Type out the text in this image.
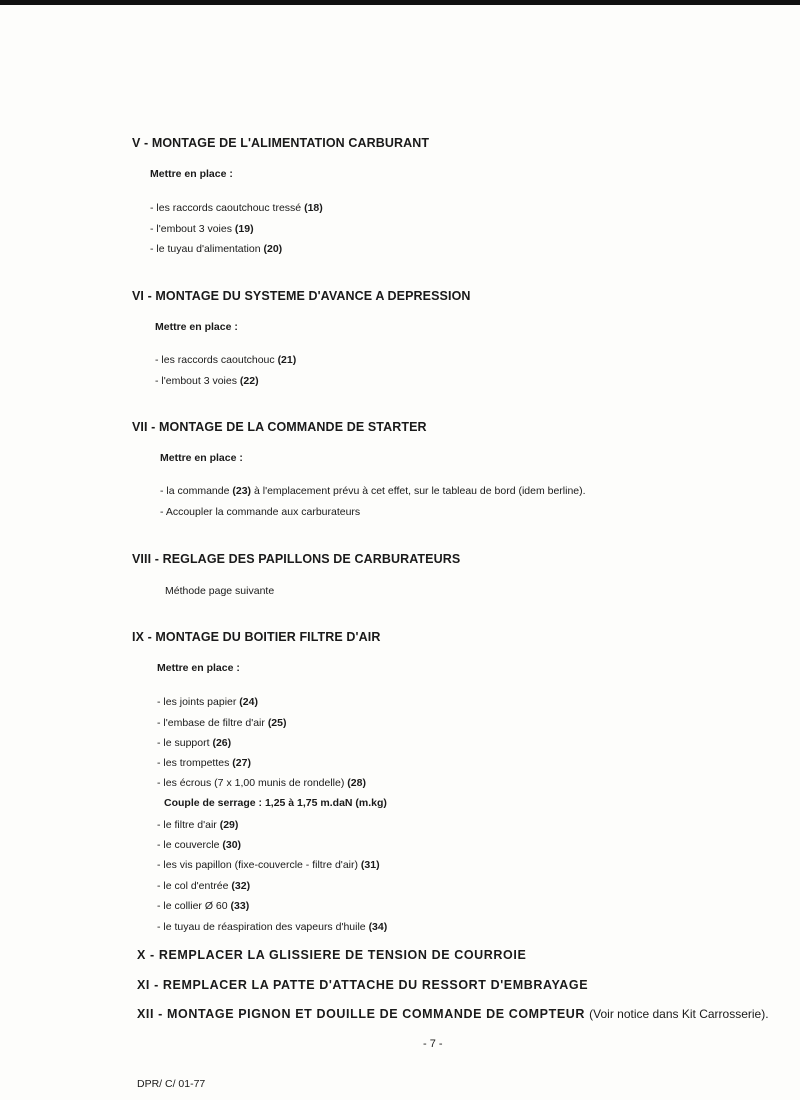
V - MONTAGE DE L'ALIMENTATION CARBURANT
Mettre en place :
- les raccords caoutchouc tressé (18)
- l'embout 3 voies (19)
- le tuyau d'alimentation (20)
VI - MONTAGE DU SYSTEME D'AVANCE A DEPRESSION
Mettre en place :
- les raccords caoutchouc (21)
- l'embout 3 voies (22)
VII - MONTAGE DE LA COMMANDE DE STARTER
Mettre en place :
- la commande (23) à l'emplacement prévu à cet effet, sur le tableau de bord (idem berline).
- Accoupler la commande aux carburateurs
VIII - REGLAGE DES PAPILLONS DE CARBURATEURS
Méthode page suivante
IX - MONTAGE DU BOITIER FILTRE D'AIR
Mettre en place :
- les joints papier (24)
- l'embase de filtre d'air (25)
- le support (26)
- les trompettes (27)
- les écrous (7 x 1,00 munis de rondelle) (28)
Couple de serrage : 1,25 à 1,75 m.daN (m.kg)
- le filtre d'air (29)
- le couvercle (30)
- les vis papillon (fixe-couvercle - filtre d'air) (31)
- le col d'entrée (32)
- le collier Ø 60 (33)
- le tuyau de réaspiration des vapeurs d'huile (34)
X - REMPLACER LA GLISSIERE DE TENSION DE COURROIE
XI - REMPLACER LA PATTE D'ATTACHE DU RESSORT D'EMBRAYAGE
XII - MONTAGE PIGNON ET DOUILLE DE COMMANDE DE COMPTEUR (Voir notice dans Kit Carrosserie).
- 7 -
DPR/ C/ 01-77
